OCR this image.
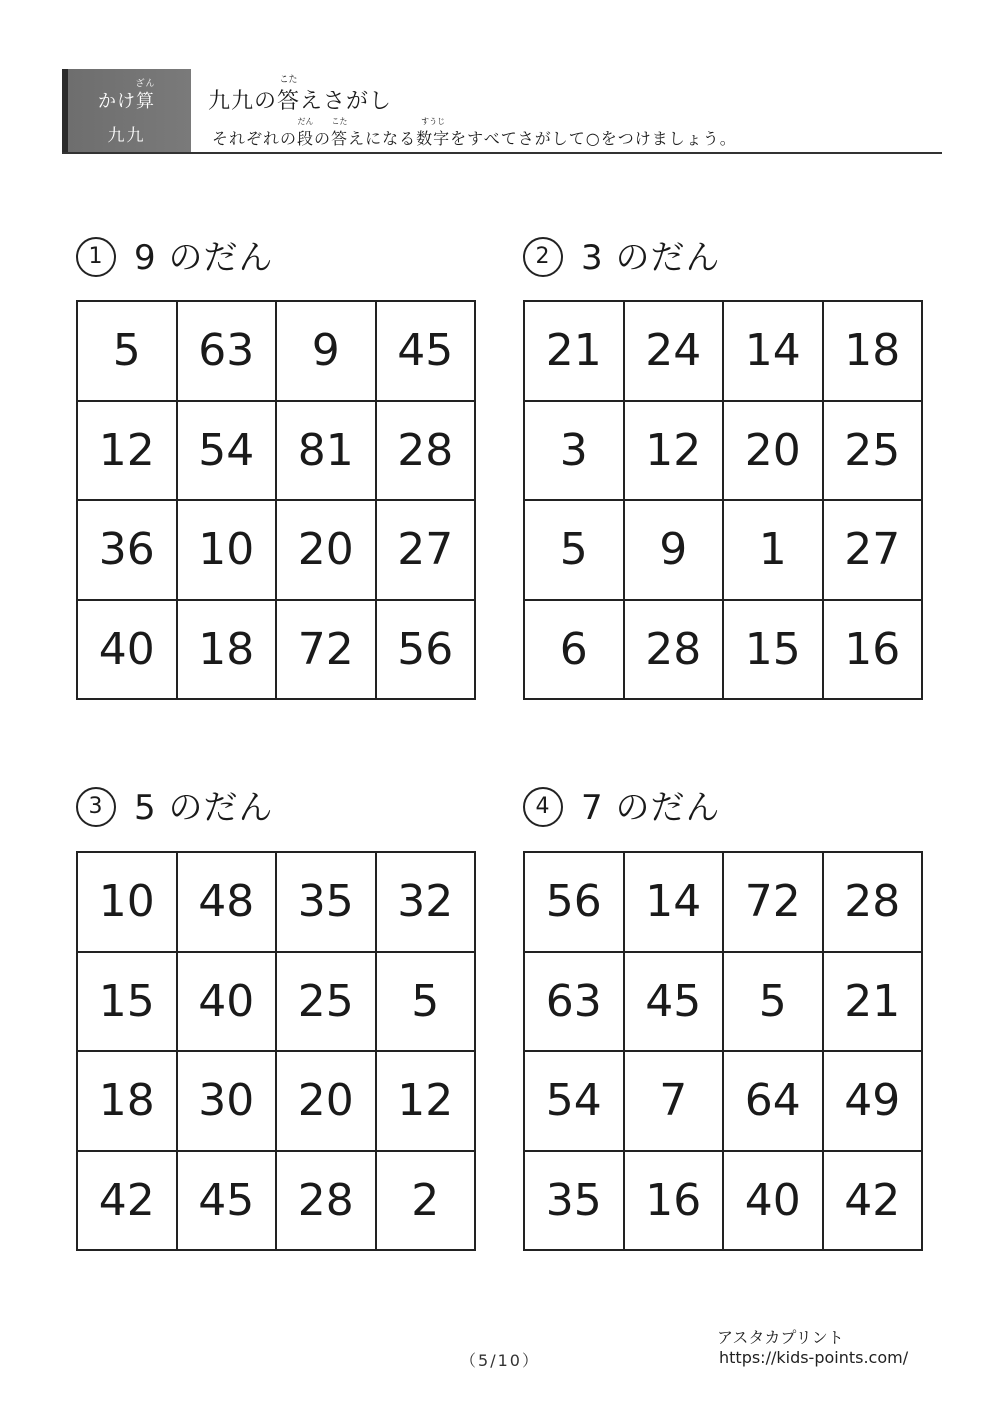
かけ
ざん
算
九九
九九の
こた
答えさがし
それぞれの
だん
段の
こた
答えになる
すうじ
数字をすべてさがして○をつけましょう。
1 9 のだん
5	63	9	45
12 54 81 28
36 10 20 27
40 18 72 56
2 3 のだん
21 24 14 18
3	12 20 25
5	9	1	27
6	28 15 16
3 5 のだん
10 48 35 32
15 40 25	5
18 30 20 12
42 45 28	2
4 7 のだん
56 14 72 28
63 45	5	21
54	7	64 49
35 16 40 42
（5/10）
アスタカプリント
https://kids-points.com/
